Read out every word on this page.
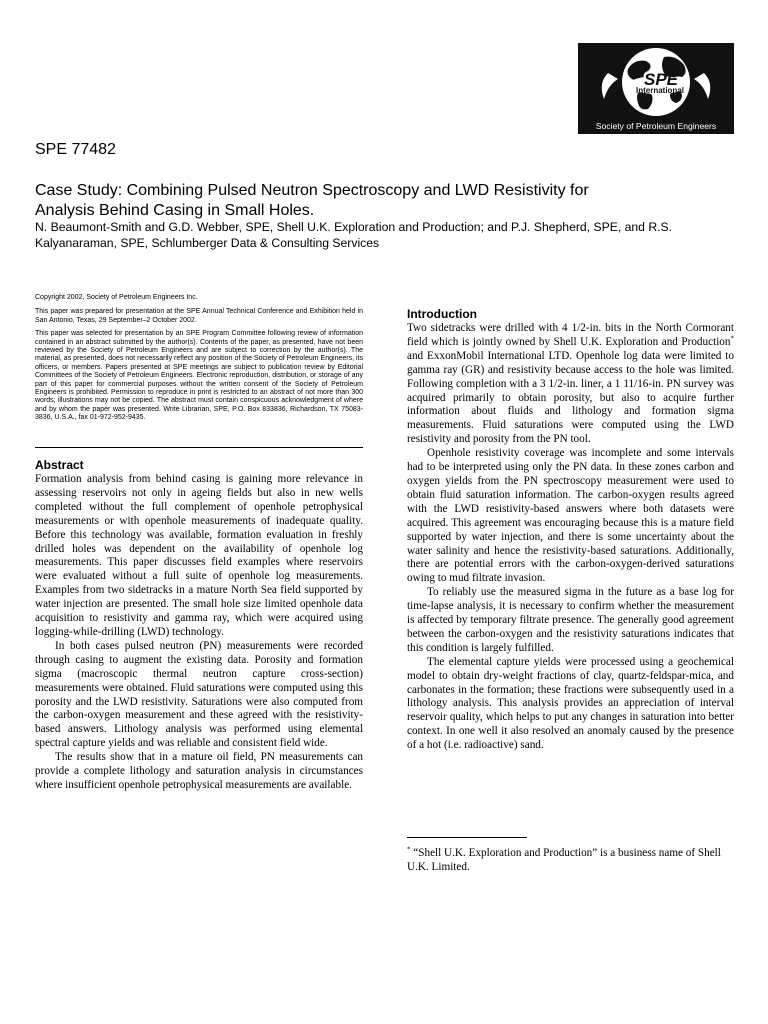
SPE
International
Society of Petroleum Engineers
SPE 77482
Case Study: Combining Pulsed Neutron Spectroscopy and LWD Resistivity for
Analysis Behind Casing in Small Holes.
N. Beaumont-Smith and G.D. Webber, SPE, Shell U.K. Exploration and Production; and P.J. Shepherd, SPE, and R.S. Kalyanaraman, SPE, Schlumberger Data & Consulting Services

Copyright 2002, Society of Petroleum Engineers Inc.

This paper was prepared for presentation at the SPE Annual Technical Conference and Exhibition held in San Antonio, Texas, 29 September–2 October 2002.

This paper was selected for presentation by an SPE Program Committee following review of information contained in an abstract submitted by the author(s). Contents of the paper, as presented, have not been reviewed by the Society of Petroleum Engineers and are subject to correction by the author(s). The material, as presented, does not necessarily reflect any position of the Society of Petroleum Engineers, its officers, or members. Papers presented at SPE meetings are subject to publication review by Editorial Committees of the Society of Petroleum Engineers. Electronic reproduction, distribution, or storage of any part of this paper for commercial purposes without the written consent of the Society of Petroleum Engineers is prohibited. Permission to reproduce in print is restricted to an abstract of not more than 300 words; illustrations may not be copied. The abstract must contain conspicuous acknowledgment of where and by whom the paper was presented. Write Librarian, SPE, P.O. Box 833836, Richardson, TX 75083-3836, U.S.A., fax 01-972-952-9435.

Abstract

Formation analysis from behind casing is gaining more relevance in assessing reservoirs not only in ageing fields but also in new wells completed without the full complement of openhole petrophysical measurements or with openhole measurements of inadequate quality. Before this technology was available, formation evaluation in freshly drilled holes was dependent on the availability of openhole log measurements. This paper discusses field examples where reservoirs were evaluated without a full suite of openhole log measurements. Examples from two sidetracks in a mature North Sea field supported by water injection are presented. The small hole size limited openhole data acquisition to resistivity and gamma ray, which were acquired using logging-while-drilling (LWD) technology.

In both cases pulsed neutron (PN) measurements were recorded through casing to augment the existing data. Porosity and formation sigma (macroscopic thermal neutron capture cross-section) measurements were obtained. Fluid saturations were computed using this porosity and the LWD resistivity. Saturations were also computed from the carbon-oxygen measurement and these agreed with the resistivity-based answers. Lithology analysis was performed using elemental spectral capture yields and was reliable and consistent field wide.

The results show that in a mature oil field, PN measurements can provide a complete lithology and saturation analysis in circumstances where insufficient openhole petrophysical measurements are available.

Introduction

Two sidetracks were drilled with 4 1/2-in. bits in the North Cormorant field which is jointly owned by Shell U.K. Exploration and Production* and ExxonMobil International LTD. Openhole log data were limited to gamma ray (GR) and resistivity because access to the hole was limited. Following completion with a 3 1/2-in. liner, a 1 11/16-in. PN survey was acquired primarily to obtain porosity, but also to acquire further information about fluids and lithology and formation sigma measurements. Fluid saturations were computed using the LWD resistivity and porosity from the PN tool.

Openhole resistivity coverage was incomplete and some intervals had to be interpreted using only the PN data. In these zones carbon and oxygen yields from the PN spectroscopy measurement were used to obtain fluid saturation information. The carbon-oxygen results agreed with the LWD resistivity-based answers where both datasets were acquired. This agreement was encouraging because this is a mature field supported by water injection, and there is some uncertainty about the water salinity and hence the resistivity-based saturations. Additionally, there are potential errors with the carbon-oxygen-derived saturations owing to mud filtrate invasion.

To reliably use the measured sigma in the future as a base log for time-lapse analysis, it is necessary to confirm whether the measurement is affected by temporary filtrate presence. The generally good agreement between the carbon-oxygen and the resistivity saturations indicates that this condition is largely fulfilled.

The elemental capture yields were processed using a geochemical model to obtain dry-weight fractions of clay, quartz-feldspar-mica, and carbonates in the formation; these fractions were subsequently used in a lithology analysis. This analysis provides an appreciation of interval reservoir quality, which helps to put any changes in saturation into better context. In one well it also resolved an anomaly caused by the presence of a hot (i.e. radioactive) sand.

* “Shell U.K. Exploration and Production” is a business name of Shell U.K. Limited.
